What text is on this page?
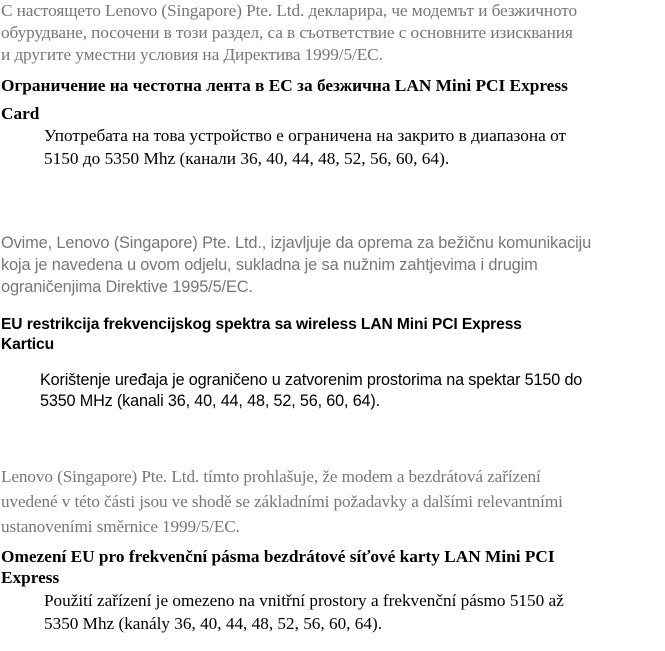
С настоящето Lenovo (Singapore) Pte. Ltd. декларира, че модемът и безжичното
обурудване, посочени в този раздел, са в съответствие с основните изисквания
и другите уместни условия на Директива 1999/5/EC.

Ограничение на честотна лента в ЕС за безжична LAN Mini PCI Express
Card

Употребата на това устройство е ограничена на закрито в диапазона от
5150 до 5350 Mhz (канали 36, 40, 44, 48, 52, 56, 60, 64).

Ovime, Lenovo (Singapore) Pte. Ltd., izjavljuje da oprema za bežičnu komunikaciju
koja je navedena u ovom odjelu, sukladna je sa nužnim zahtjevima i drugim
ograničenjima Direktive 1995/5/EC.

EU restrikcija frekvencijskog spektra sa wireless LAN Mini PCI Express
Karticu

Korištenje uređaja je ograničeno u zatvorenim prostorima na spektar 5150 do
5350 MHz (kanali 36, 40, 44, 48, 52, 56, 60, 64).

Lenovo (Singapore) Pte. Ltd. tímto prohlašuje, že modem a bezdrátová zařízení
uvedené v této části jsou ve shodě se základními požadavky a dalšími relevantními
ustanoveními směrnice 1999/5/EC.

Omezení EU pro frekvenční pásma bezdrátové síťové karty LAN Mini PCI
Express

Použití zařízení je omezeno na vnitřní prostory a frekvenční pásmo 5150 až
5350 Mhz (kanály 36, 40, 44, 48, 52, 56, 60, 64).
